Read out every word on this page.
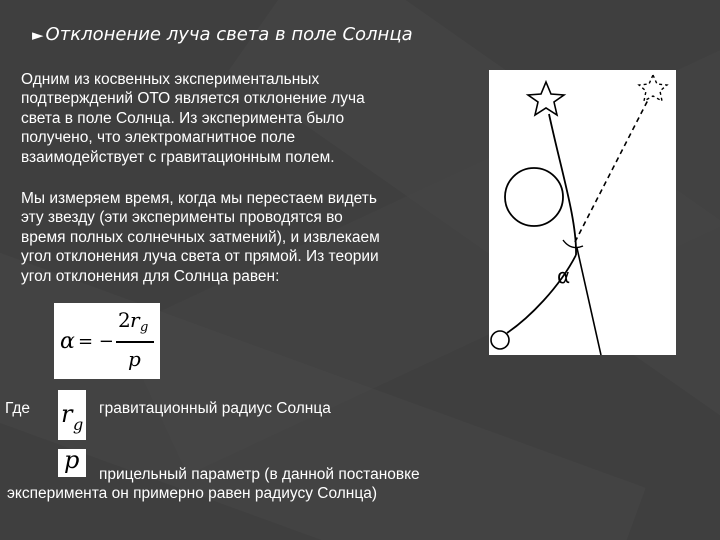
► Отклонение луча света в поле Солнца

Одним из косвенных экспериментальных
подтверждений ОТО является отклонение луча
света в поле Солнца. Из эксперимента было
получено, что электромагнитное поле
взаимодействует с гравитационным полем.

Мы измеряем время, когда мы перестаем видеть
эту звезду (эти эксперименты проводятся во
время полных солнечных затмений), и извлекаем
угол отклонения луча света от прямой. Из теории
угол отклонения для Солнца равен:

α = −
2 r g
p
Где r g
гравитационный радиус Солнца
p
прицельный параметр (в данной постановке
эксперимента он примерно равен радиусу Солнца)
α
